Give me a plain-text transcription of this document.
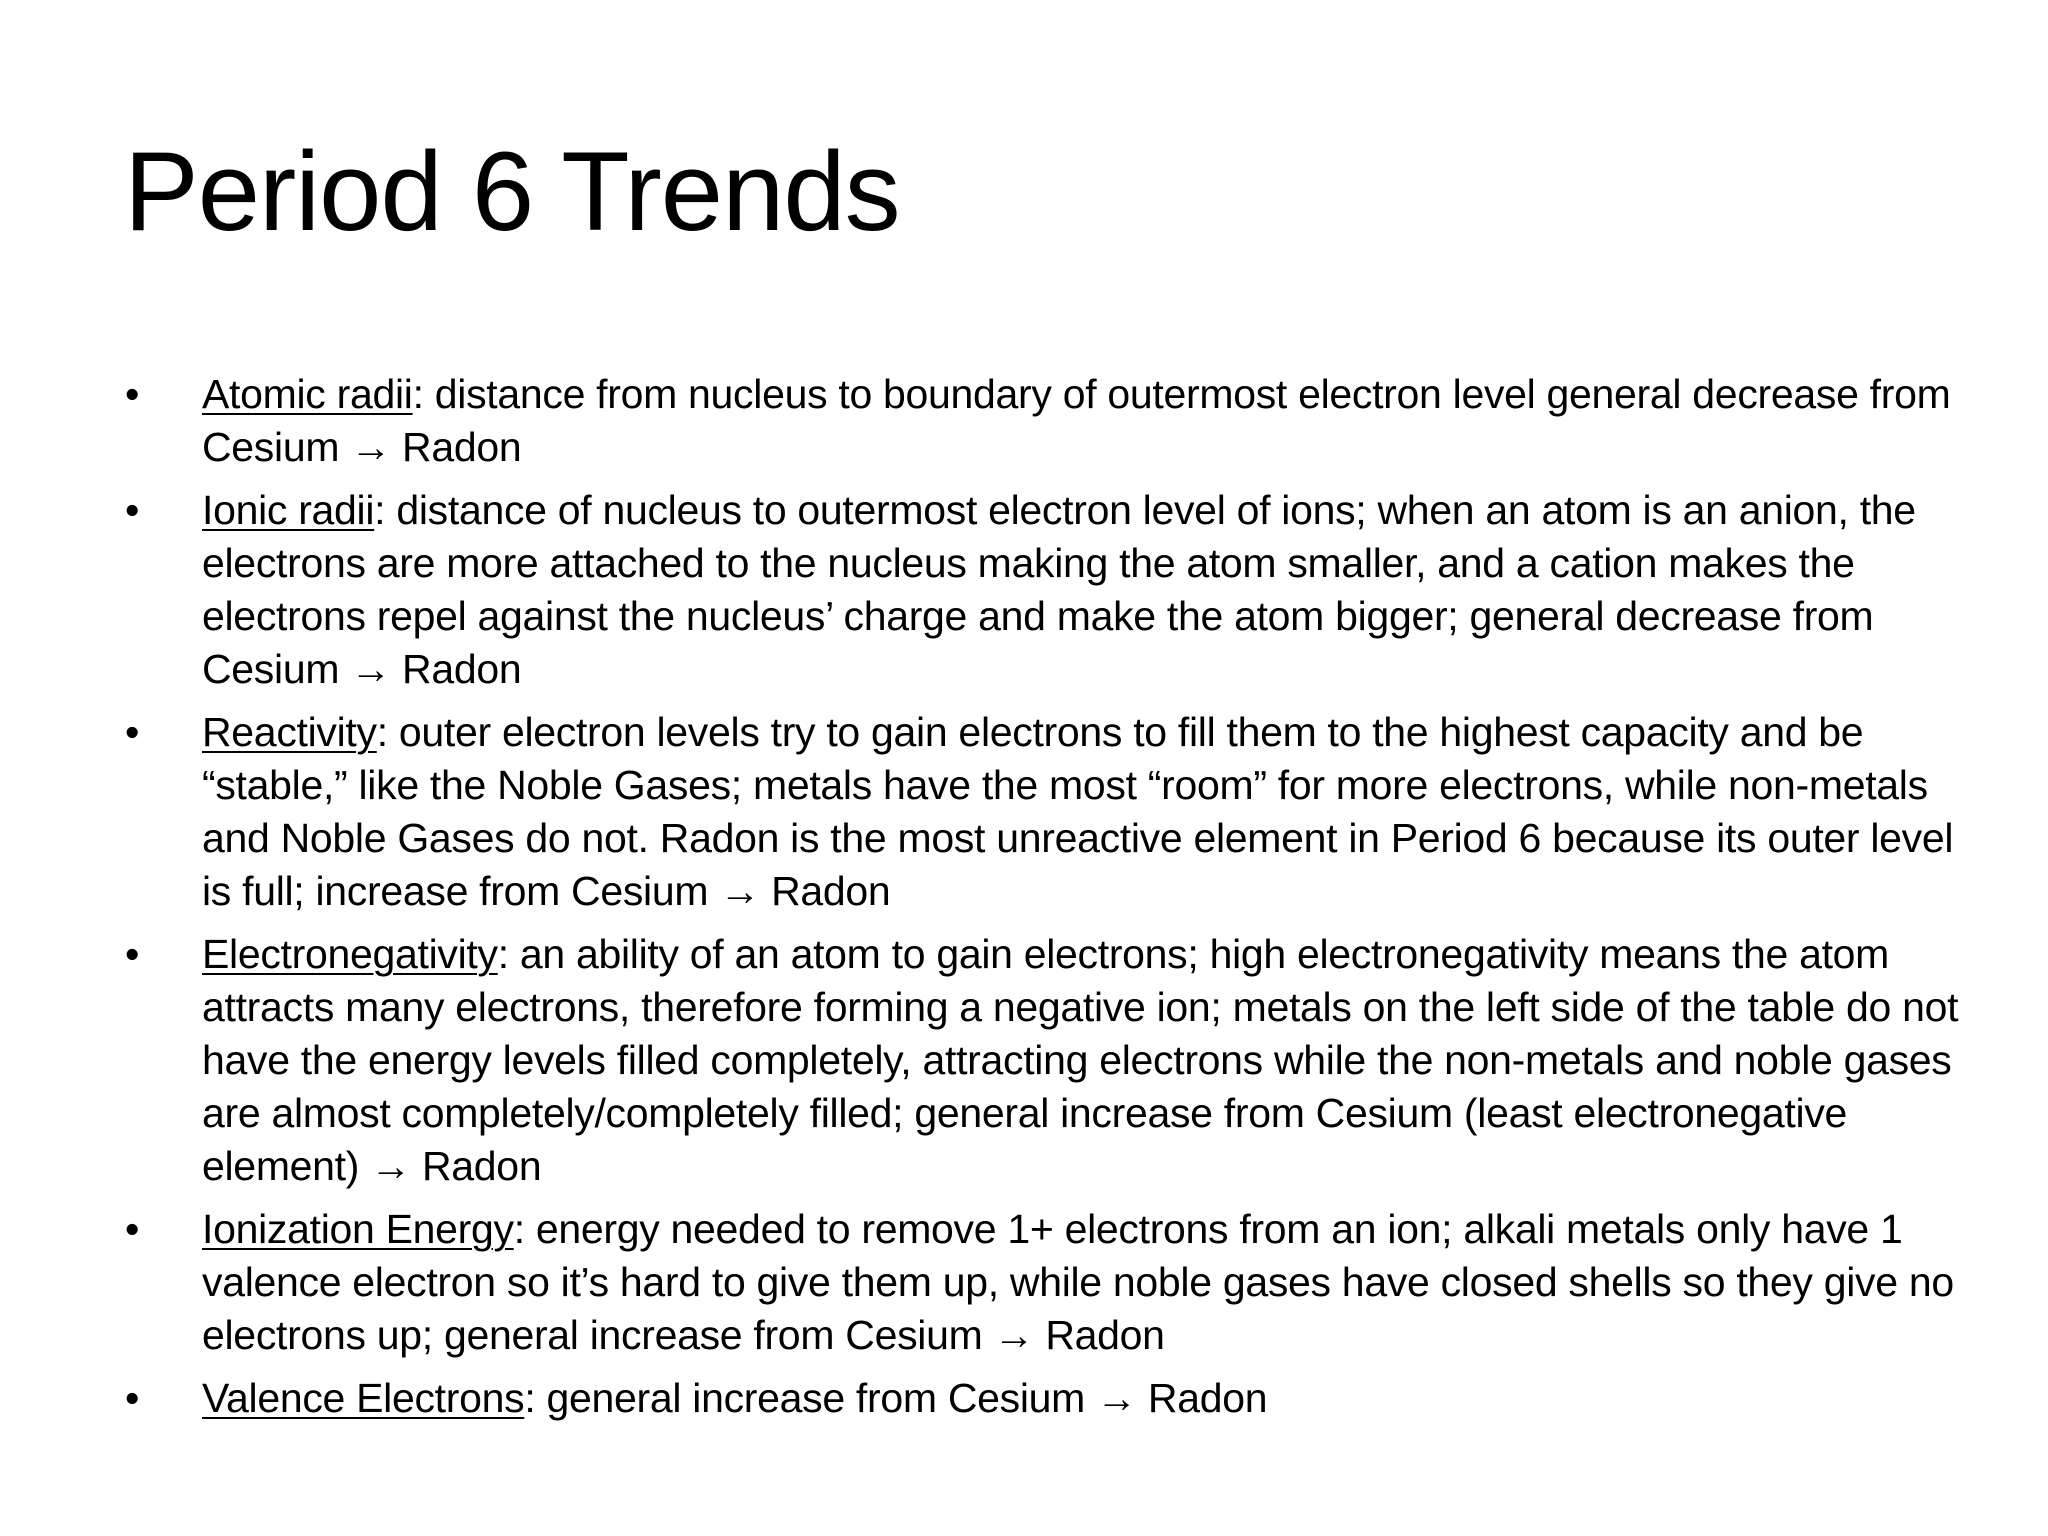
Period 6 Trends
• Atomic radii: distance from nucleus to boundary of outermost electron level general decrease from Cesium → Radon
• Ionic radii: distance of nucleus to outermost electron level of ions; when an atom is an anion, the electrons are more attached to the nucleus making the atom smaller, and a cation makes the electrons repel against the nucleus’ charge and make the atom bigger; general decrease from Cesium → Radon
• Reactivity: outer electron levels try to gain electrons to fill them to the highest capacity and be “stable,” like the Noble Gases; metals have the most “room” for more electrons, while non-metals and Noble Gases do not. Radon is the most unreactive element in Period 6 because its outer level is full; increase from Cesium → Radon
• Electronegativity: an ability of an atom to gain electrons; high electronegativity means the atom attracts many electrons, therefore forming a negative ion; metals on the left side of the table do not have the energy levels filled completely, attracting electrons while the non-metals and noble gases are almost completely/completely filled; general increase from Cesium (least electronegative element) → Radon
• Ionization Energy: energy needed to remove 1+ electrons from an ion; alkali metals only have 1 valence electron so it’s hard to give them up, while noble gases have closed shells so they give no electrons up; general increase from Cesium → Radon
• Valence Electrons: general increase from Cesium → Radon
